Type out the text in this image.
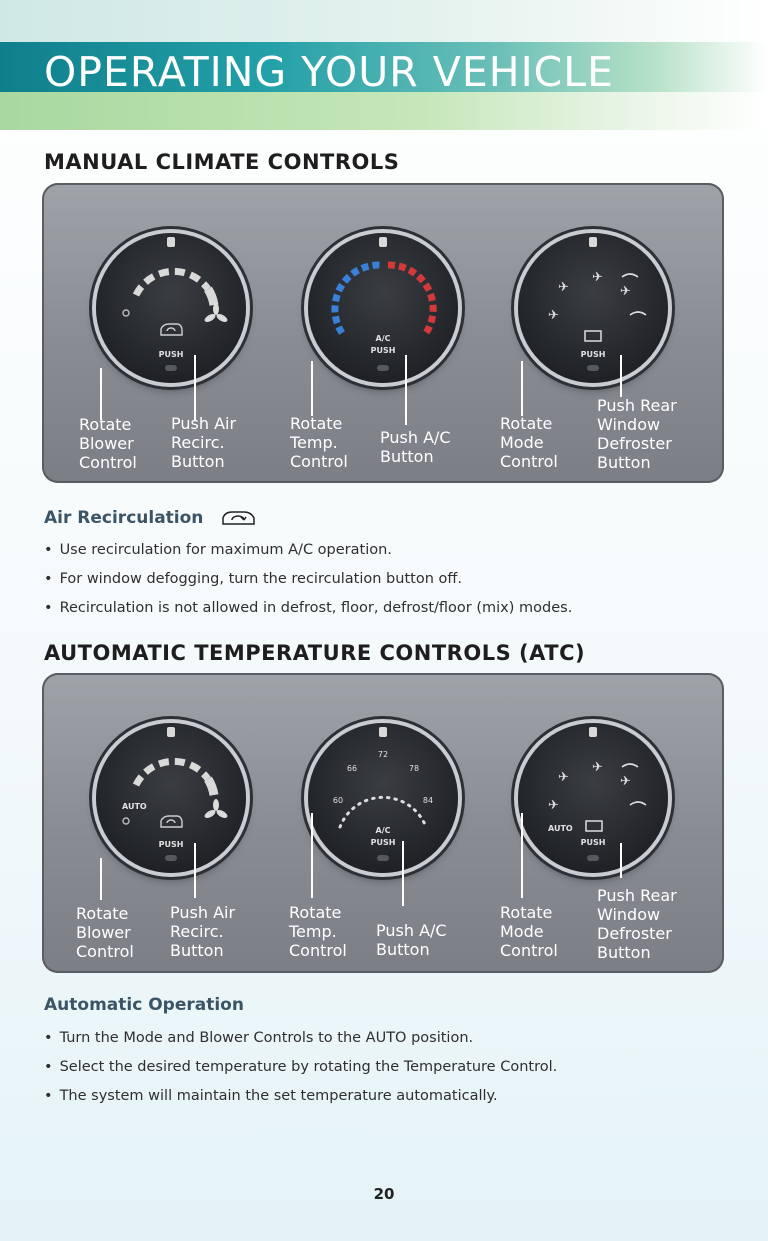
OPERATING YOUR VEHICLE
MANUAL CLIMATE CONTROLS
PUSH
A/C
PUSH
✈
✈
✈
✈
PUSH
Rotate
Blower
Control
Push Air
Recirc.
Button
Rotate
Temp.
Control
Push A/C
Button
Rotate
Mode
Control
Push Rear
Window
Defroster
Button
Air Recirculation
• Use recirculation for maximum A/C operation.
• For window defogging, turn the recirculation button off.
• Recirculation is not allowed in defrost, floor, defrost/floor (mix) modes.
AUTOMATIC TEMPERATURE CONTROLS (ATC)
AUTO
PUSH
60
66
72
78
84
A/C
PUSH
✈
✈
✈
✈
AUTO
PUSH
Rotate
Blower
Control
Push Air
Recirc.
Button
Rotate
Temp.
Control
Push A/C
Button
Rotate
Mode
Control
Push Rear
Window
Defroster
Button
Automatic Operation
• Turn the Mode and Blower Controls to the AUTO position.
• Select the desired temperature by rotating the Temperature Control.
• The system will maintain the set temperature automatically.
20
